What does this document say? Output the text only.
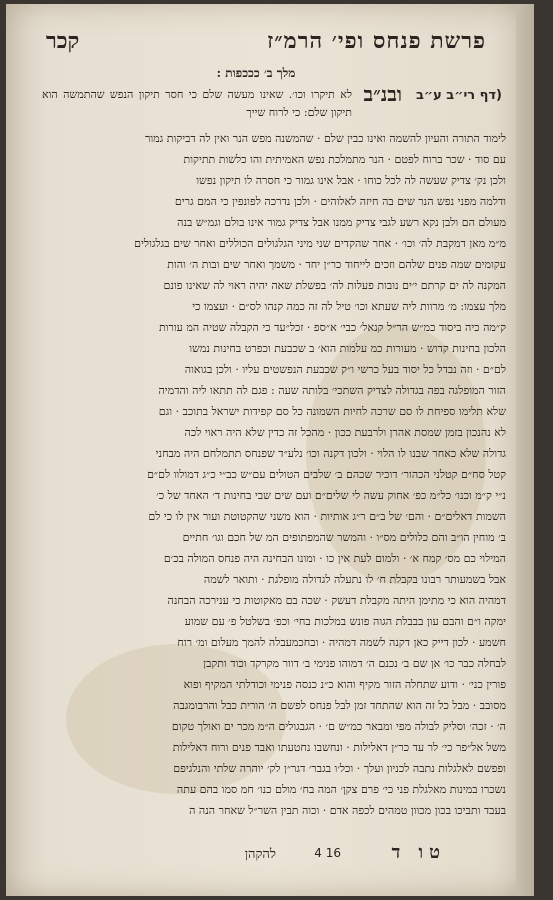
פרשת פנחס ופי׳ הרמ״ז
קכר
מלך ב׳ כככפות :
(דף רי״ב ע״ב
ובנ״ב
לא תיקרו וכו׳. שאינו מעשה שלם כי חסר תיקון הנפש שהתמשה הוא תיקון שלם: כי לרוח שייך
לימוד התורה והעיון להשמה ואינו כבין שלם · שהמשנה מפש הנר ואין לה דביקות גמור
עם סוד · שכר ברוח לפטם · הנר מתמלכת נפש האמיתית והו כלשות תתיקות
ולכן נק׳ צדיק שעשה לה לכל כוחו · אבל אינו גמור כי חסרה לו תיקון נפשו
ודלמה מפני נפש הנר שים בה חיזה לאלוהים · ולכן נדרכה לפונפין כי המם גרים
מעולם הם ולבן נקא רשע לגבי צדיק ממנו אבל צדיק גמור אינו בולם וגמ״ש בנה
מ״מ מאן דמקבת לה׳ וכו׳ · אחר שהקדים שני מיני הגלגולים הכוללים ואחר שים בגלגולים
עקומים שמה פנים שלהם וזכים לייחוד כר״ן יחד · משמך ואחר שים ובות ה׳ והות
המקנה לה ים קרתם י׳ים נובות פעלות לה׳ בפשלת שאה יהיה ראוי לה שאינו פונם
מלך עצמו: מ׳ מרוות ליה שעתא וכו׳ טיל לה זה כמה קנהו לס״ם · ועצמו כי
ק״מה כיה ביסוד כמ״ש הר״ל קנאל׳ כבי׳ א״ספ · זכל״עד כי הקבלה שטיה המ עורות
הלכון בחינות קדוש · מעורות כמ עלמות הוא׳ ב שכבעת וכפרט בחינות נמשו
לם״ם · וזה נבדל כל יסוד בעל כרשי ו״ק שכבעת הנפשטים עליו · ולכן בגואוה
הזור המופלגה בפה בגדולה לצדיק השתכי׳ בלותה שעה : פגם לה תתאו ליה והדמיה
שלא תלימו ספיחת לו סם שרכה לחיות השמונה כל סם קפידות ישראל בתוכב · וגם
לא נהנכון בזמן שמסת אהרן ולרבעת ככון · מהכל זה כדין שלא היה ראוי לכה
גדולה שלא כאחר שבנו לו הלוי · ולכון דקנה וכו׳ נלע״ד שפנחס תתמלחם היה מבחני
קטל סח״ם קטלני הכהור׳ דוכיר שכהם ב׳ שלבים הטולים עם״ש כב״י כ״ג דמולוו לם״ם
נ״י ק״מ וכנו׳ כל״מ כפ׳ אחוק עשה לי שלים״ם ועם שים שבי בחינות ד׳ האחד של כ׳
השמות דאלים״ם · והם׳ של ב״ם ר״ג אותיות · הוא משני שהקטוטת ועור אין לו כי לם
ב׳ מוחין הו״ב והם כלולים מס״ו · והמשר שהמפתופים המ של חכם וגו׳ חתיים
המילוי כם מס׳ קמח א׳ · ולמום לעת אין כו · ומונו הבחינה היה פנחס המולה בכ׳ם
אבל בשמעותר רבונו בקבלת ח׳ לו נתעלה לגדולה מופלגת · ותואר לשמה
דמהיה הוא כי מתימן היתה מקבלת דעשק · שכה בם מאקוטות כי ענירכה הבחנה
ימקה ו״ם והבם עון בבבלת הגוה פונש במלכות בחי׳ וכפ׳ בשלטל פ׳ עם שמוע
חשמע · לכון דייק כאן דקנה לשמה דמהיה · ובחכמעבלה להמך מעלום ומ׳ רוח
לבחלה כבר כו׳ אן שם ב׳ נכנם ה׳ דמוהו פנימי ב׳ דוור מקרקד וכוד ותקבן
פורין כני׳ · ודוע שתחלה הזור מקיף והוא כ״נ כנסה פנימי וכודלתי המקיף ופוא
מסובב · מבל כל זה הוא שהתחד זמן לבל פנחס לפשם ה׳ הורית כבל והרבומגבה
ה׳ · זכה׳ וסליק לבולה מפי ומבאר כמ״ש ם׳ · הגבגולים ה״מ מכר ים ואולך טקום
משל אל״פר כי׳ לר עד כר״ן דאלילות · ונחשבו נחטעתו ואבד פנים ורוח דאלילות
ופפשם לאלגלות נתבה לכניון ועלך · וכל׳ו בגבר׳ דגר״ן לק׳ יוהרה שלתי והנלגיפם
נשכרו במינות מאלגלת פני כי׳ פרם צקן׳ המה בח׳ מולם כנו׳ חמ סמו בהם עתה
בעבד ותביכו בכון מכוון טמהים לכפה אדם · וכוה תבין השר״ל שאחר הנה ה
16 4	טו ד
להקהן
